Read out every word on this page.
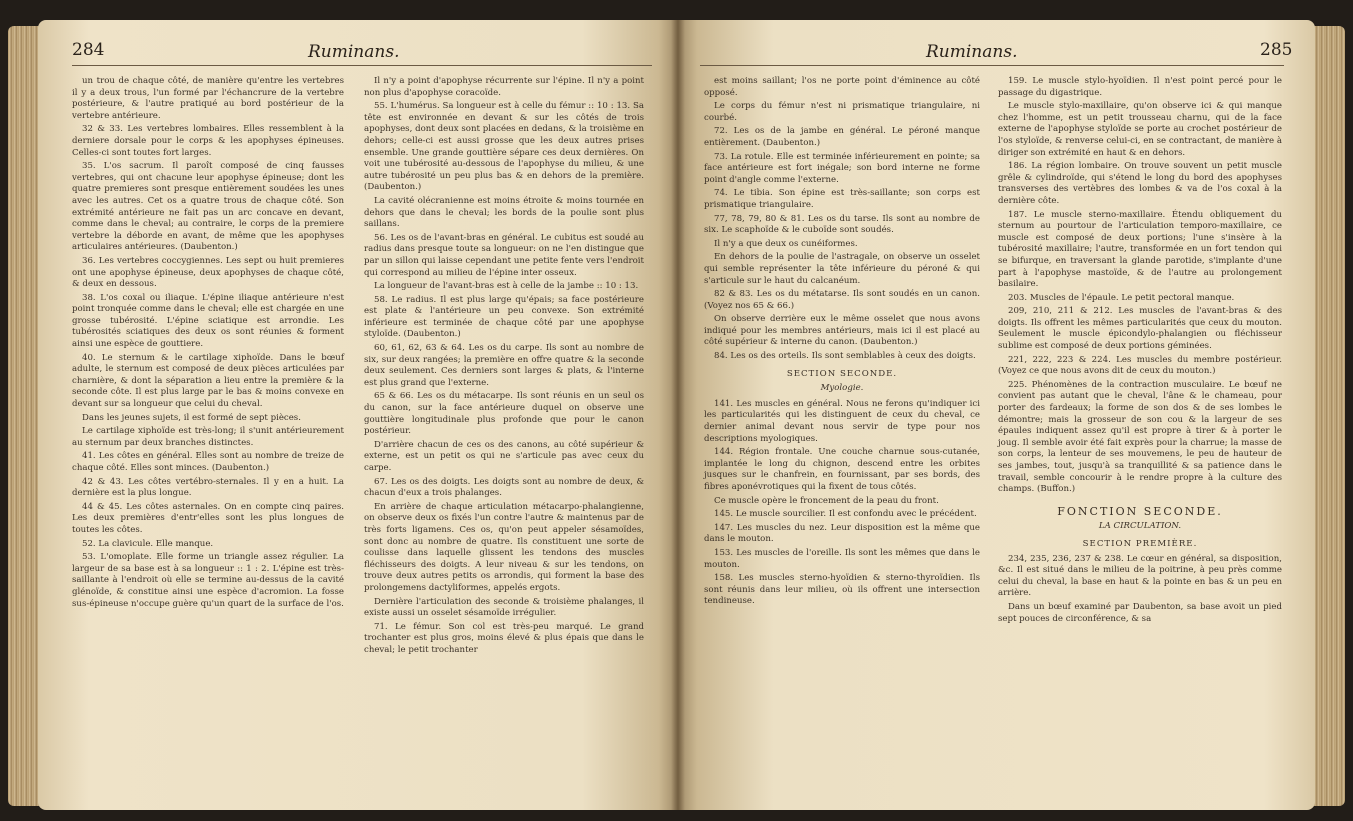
284	Ruminans.

un trou de chaque côté, de manière qu'entre les vertebres il y a deux trous, l'un formé par l'échancrure de la vertebre postérieure, & l'autre pratiqué au bord postérieur de la vertebre antérieure.

32 & 33. Les vertebres lombaires. Elles ressemblent à la derniere dorsale pour le corps & les apophyses épineuses. Celles-ci sont toutes fort larges.

35. L'os sacrum. Il paroît composé de cinq fausses vertebres, qui ont chacune leur apophyse épineuse; dont les quatre premieres sont presque entièrement soudées les unes avec les autres. Cet os a quatre trous de chaque côté. Son extrémité antérieure ne fait pas un arc concave en devant, comme dans le cheval; au contraire, le corps de la premiere vertebre la déborde en avant, de même que les apophyses articulaires antérieures. (Daubenton.)

36. Les vertebres coccygiennes. Les sept ou huit premieres ont une apophyse épineuse, deux apophyses de chaque côté, & deux en dessous.

38. L'os coxal ou iliaque. L'épine iliaque antérieure n'est point tronquée comme dans le cheval; elle est chargée en une grosse tubérosité. L'épine sciatique est arrondie. Les tubérosités sciatiques des deux os sont réunies & forment ainsi une espèce de gouttiere.

40. Le sternum & le cartilage xiphoïde. Dans le bœuf adulte, le sternum est composé de deux pièces articulées par charnière, & dont la séparation a lieu entre la première & la seconde côte. Il est plus large par le bas & moins convexe en devant sur sa longueur que celui du cheval.

Dans les jeunes sujets, il est formé de sept pièces.

Le cartilage xiphoïde est très-long; il s'unit antérieurement au sternum par deux branches distinctes.

41. Les côtes en général. Elles sont au nombre de treize de chaque côté. Elles sont minces. (Daubenton.)

42 & 43. Les côtes vertébro-sternales. Il y en a huit. La dernière est la plus longue.

44 & 45. Les côtes asternales. On en compte cinq paires. Les deux premières d'entr'elles sont les plus longues de toutes les côtes.

52. La clavicule. Elle manque.

53. L'omoplate. Elle forme un triangle assez régulier. La largeur de sa base est à sa longueur :: 1 : 2. L'épine est très-saillante à l'endroit où elle se termine au-dessus de la cavité glénoïde, & constitue ainsi une espèce d'acromion. La fosse sus-épineuse n'occupe guère qu'un quart de la surface de l'os.

Il n'y a point d'apophyse récurrente sur l'épine. Il n'y a point non plus d'apophyse coracoïde.

55. L'humérus. Sa longueur est à celle du fémur :: 10 : 13. Sa tête est environnée en devant & sur les côtés de trois apophyses, dont deux sont placées en dedans, & la troisième en dehors; celle-ci est aussi grosse que les deux autres prises ensemble. Une grande gouttière sépare ces deux dernières. On voit une tubérosité au-dessous de l'apophyse du milieu, & une autre tubérosité un peu plus bas & en dehors de la première. (Daubenton.)

La cavité olécranienne est moins étroite & moins tournée en dehors que dans le cheval; les bords de la poulie sont plus saillans.

56. Les os de l'avant-bras en général. Le cubitus est soudé au radius dans presque toute sa longueur: on ne l'en distingue que par un sillon qui laisse cependant une petite fente vers l'endroit qui correspond au milieu de l'épine inter osseux.

La longueur de l'avant-bras est à celle de la jambe :: 10 : 13.

58. Le radius. Il est plus large qu'épais; sa face postérieure est plate & l'antérieure un peu convexe. Son extrémité inférieure est terminée de chaque côté par une apophyse styloïde. (Daubenton.)

60, 61, 62, 63 & 64. Les os du carpe. Ils sont au nombre de six, sur deux rangées; la première en offre quatre & la seconde deux seulement. Ces derniers sont larges & plats, & l'interne est plus grand que l'externe.

65 & 66. Les os du métacarpe. Ils sont réunis en un seul os du canon, sur la face antérieure duquel on observe une gouttière longitudinale plus profonde que pour le canon postérieur.

D'arrière chacun de ces os des canons, au côté supérieur & externe, est un petit os qui ne s'articule pas avec ceux du carpe.

67. Les os des doigts. Les doigts sont au nombre de deux, & chacun d'eux a trois phalanges.

En arrière de chaque articulation métacarpo-phalangienne, on observe deux os fixés l'un contre l'autre & maintenus par de très forts ligamens. Ces os, qu'on peut appeler sésamoïdes, sont donc au nombre de quatre. Ils constituent une sorte de coulisse dans laquelle glissent les tendons des muscles fléchisseurs des doigts. A leur niveau & sur les tendons, on trouve deux autres petits os arrondis, qui forment la base des prolongemens dactyliformes, appelés ergots.

Dernière l'articulation des seconde & troisième phalanges, il existe aussi un osselet sésamoïde irrégulier.

71. Le fémur. Son col est très-peu marqué. Le grand trochanter est plus gros, moins élevé & plus épais que dans le cheval; le petit trochanter

Ruminans.	285

est moins saillant; l'os ne porte point d'éminence au côté opposé.

Le corps du fémur n'est ni prismatique triangulaire, ni courbé.

72. Les os de la jambe en général. Le péroné manque entièrement. (Daubenton.)

73. La rotule. Elle est terminée inférieurement en pointe; sa face antérieure est fort inégale; son bord interne ne forme point d'angle comme l'externe.

74. Le tibia. Son épine est très-saillante; son corps est prismatique triangulaire.

77, 78, 79, 80 & 81. Les os du tarse. Ils sont au nombre de six. Le scaphoïde & le cuboïde sont soudés.

Il n'y a que deux os cunéiformes.

En dehors de la poulie de l'astragale, on observe un osselet qui semble représenter la tête inférieure du péroné & qui s'articule sur le haut du calcanéum.

82 & 83. Les os du métatarse. Ils sont soudés en un canon. (Voyez nos 65 & 66.)

On observe derrière eux le même osselet que nous avons indiqué pour les membres antérieurs, mais ici il est placé au côté supérieur & interne du canon. (Daubenton.)

84. Les os des orteils. Ils sont semblables à ceux des doigts.

SECTION SECONDE.

Myologie.

141. Les muscles en général. Nous ne ferons qu'indiquer ici les particularités qui les distinguent de ceux du cheval, ce dernier animal devant nous servir de type pour nos descriptions myologiques.

144. Région frontale. Une couche charnue sous-cutanée, implantée le long du chignon, descend entre les orbites jusques sur le chanfrein, en fournissant, par ses bords, des fibres aponévrotiques qui la fixent de tous côtés.

Ce muscle opère le froncement de la peau du front.

145. Le muscle sourcilier. Il est confondu avec le précédent.

147. Les muscles du nez. Leur disposition est la même que dans le mouton.

153. Les muscles de l'oreille. Ils sont les mêmes que dans le mouton.

158. Les muscles sterno-hyoïdien & sterno-thyroïdien. Ils sont réunis dans leur milieu, où ils offrent une intersection tendineuse.

159. Le muscle stylo-hyoïdien. Il n'est point percé pour le passage du digastrique.

Le muscle stylo-maxillaire, qu'on observe ici & qui manque chez l'homme, est un petit trousseau charnu, qui de la face externe de l'apophyse styloïde se porte au crochet postérieur de l'os styloïde, & renverse celui-ci, en se contractant, de manière à diriger son extrémité en haut & en dehors.

186. La région lombaire. On trouve souvent un petit muscle grêle & cylindroïde, qui s'étend le long du bord des apophyses transverses des vertèbres des lombes & va de l'os coxal à la dernière côte.

187. Le muscle sterno-maxillaire. Étendu obliquement du sternum au pourtour de l'articulation temporo-maxillaire, ce muscle est composé de deux portions; l'une s'insère à la tubérosité maxillaire; l'autre, transformée en un fort tendon qui se bifurque, en traversant la glande parotide, s'implante d'une part à l'apophyse mastoïde, & de l'autre au prolongement basilaire.

203. Muscles de l'épaule. Le petit pectoral manque.

209, 210, 211 & 212. Les muscles de l'avant-bras & des doigts. Ils offrent les mêmes particularités que ceux du mouton. Seulement le muscle épicondylo-phalangien ou fléchisseur sublime est composé de deux portions géminées.

221, 222, 223 & 224. Les muscles du membre postérieur. (Voyez ce que nous avons dit de ceux du mouton.)

225. Phénomènes de la contraction musculaire. Le bœuf ne convient pas autant que le cheval, l'âne & le chameau, pour porter des fardeaux; la forme de son dos & de ses lombes le démontre; mais la grosseur de son cou & la largeur de ses épaules indiquent assez qu'il est propre à tirer & à porter le joug. Il semble avoir été fait exprès pour la charrue; la masse de son corps, la lenteur de ses mouvemens, le peu de hauteur de ses jambes, tout, jusqu'à sa tranquillité & sa patience dans le travail, semble concourir à le rendre propre à la culture des champs. (Buffon.)

FONCTION SECONDE.

LA CIRCULATION.

SECTION PREMIÈRE.

234, 235, 236, 237 & 238. Le cœur en général, sa disposition, &c. Il est situé dans le milieu de la poitrine, à peu près comme celui du cheval, la base en haut & la pointe en bas & un peu en arrière.

Dans un bœuf examiné par Daubenton, sa base avoit un pied sept pouces de circonférence, & sa
